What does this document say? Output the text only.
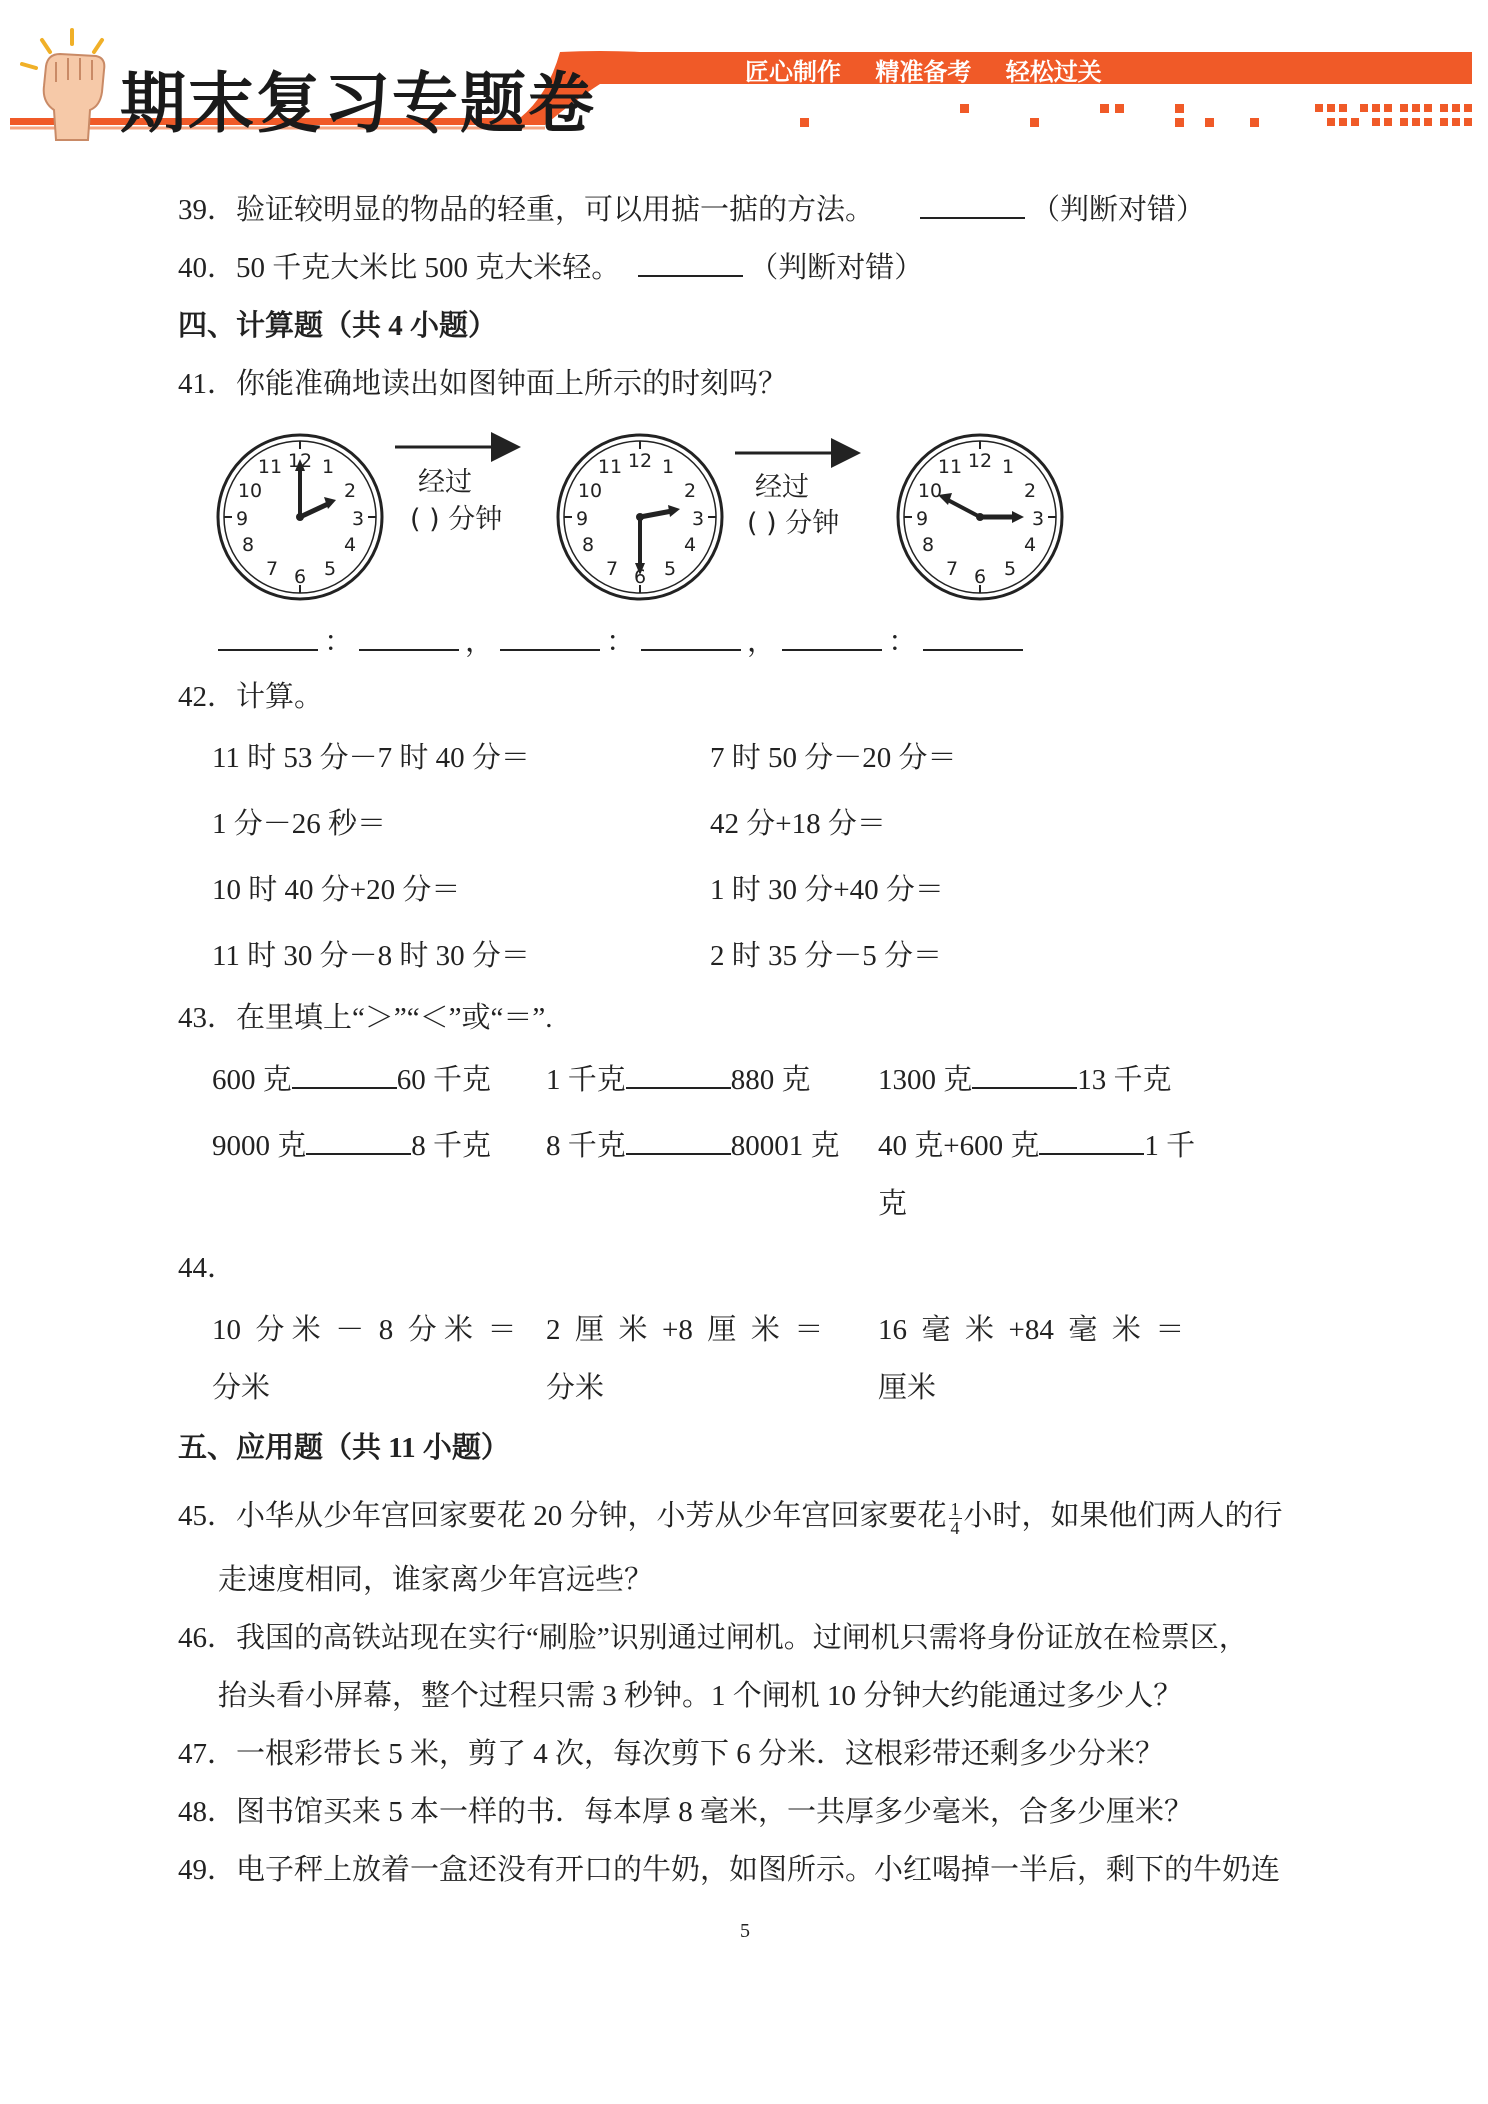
期末复习专题卷	匠心制作 精准备考 轻松过关
39．验证较明显的物品的轻重，可以用掂一掂的方法。	（判断对错）
40．50 千克大米比 500 克大米轻。	（判断对错）
四、计算题（共 4 小题）
41．你能准确地读出如图钟面上所示的时刻吗？
3
经过
( ) 分钟
经过
( ) 分钟
：	，	：	，	：
42．计算。
11 时 53 分－7 时 40 分＝	7 时 50 分－20 分＝
1 分－26 秒＝	42 分+18 分＝
10 时 40 分+20 分＝	1 时 30 分+40 分＝
11 时 30 分－8 时 30 分＝	2 时 35 分－5 分＝
43．在里填上“＞”“＜”或“＝”.
600 克	60 千克 1 千克	880 克 1300 克	13 千克
9000 克	8 千克 8 千克	80001 克 40 克+600 克	1 千
克
44．
10  分 米  －  8  分 米  ＝
分米
2  厘  米  +8  厘  米  ＝
分米
16  毫  米  +84  毫  米  ＝
厘米
五、应用题（共 11 小题）
45．小华从少年宫回家要花 20 分钟，小芳从少年宫回家要花 $\frac{1}{4}$ 小时，如果他们两人的行
走速度相同，谁家离少年宫远些？
46．我国的高铁站现在实行“刷脸”识别通过闸机。过闸机只需将身份证放在检票区，
抬头看小屏幕，整个过程只需 3 秒钟。1 个闸机 10 分钟大约能通过多少人？
47．一根彩带长 5 米，剪了 4 次，每次剪下 6 分米．这根彩带还剩多少分米？
48．图书馆买来 5 本一样的书．每本厚 8 毫米，一共厚多少毫米，合多少厘米？
49．电子秤上放着一盒还没有开口的牛奶，如图所示。小红喝掉一半后，剩下的牛奶连
5
